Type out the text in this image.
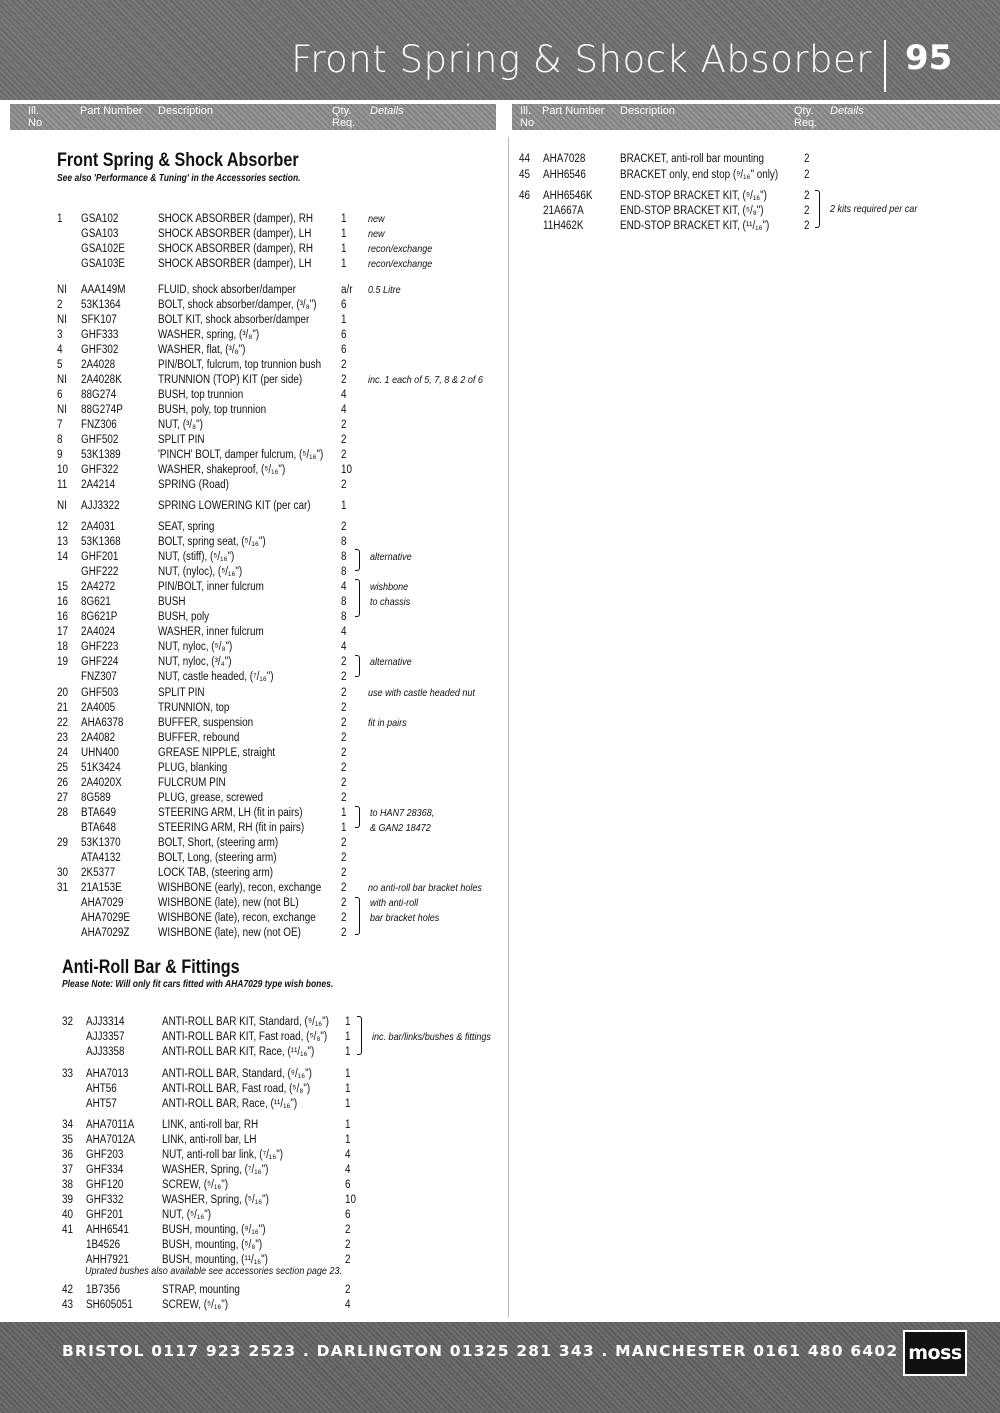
Front Spring & Shock Absorber 95
Ill.
No
Part Number Description	Qty.
Req.
Details	Ill.
No
Part Number Description	Qty.
Req.
Details
Front Spring & Shock Absorber
See also 'Performance & Tuning' in the Accessories section.
Anti-Roll Bar & Fittings
Please Note: Will only fit cars fitted with AHA7029 type wish bones.
1 GSA102	SHOCK ABSORBER (damper), RH 1 new
GSA103	SHOCK ABSORBER (damper), LH	1 new
GSA102E	SHOCK ABSORBER (damper), RH 1 recon/exchange
GSA103E	SHOCK ABSORBER (damper), LH	1 recon/exchange
NI AAA149M	FLUID, shock absorber/damper	a/r 0.5 Litre
2 53K1364	BOLT, shock absorber/damper, (³/₈") 6
NI SFK107	BOLT KIT, shock absorber/damper	1
3 GHF333	WASHER, spring, (³/₈")	6
4 GHF302	WASHER, flat, (³/₈")	6
5 2A4028	PIN/BOLT, fulcrum, top trunnion bush 2
NI 2A4028K	TRUNNION (TOP) KIT (per side)	2 inc. 1 each of 5, 7, 8 & 2 of 6
6 88G274	BUSH, top trunnion	4
NI 88G274P	BUSH, poly, top trunnion	4
7 FNZ306	NUT, (³/₈")	2
8 GHF502	SPLIT PIN	2
9 53K1389	'PINCH' BOLT, damper fulcrum, (⁵/₁₆") 2
10 GHF322	WASHER, shakeproof, (⁵/₁₆")	10
11 2A4214	SPRING (Road)	2
NI AJJ3322	SPRING LOWERING KIT (per car)	1
12 2A4031	SEAT, spring	2
13 53K1368	BOLT, spring seat, (⁵/₁₆")	8
14 GHF201	NUT, (stiff), (⁵/₁₆")	8 alternative
GHF222	NUT, (nyloc), (⁵/₁₆")	8
15 2A4272	PIN/BOLT, inner fulcrum	4 wishbone
16 8G621	BUSH	8 to chassis
16 8G621P	BUSH, poly	8
17 2A4024	WASHER, inner fulcrum	4
18 GHF223	NUT, nyloc, (⁵/₈")	4
19 GHF224	NUT, nyloc, (³/₄")	2 alternative
FNZ307	NUT, castle headed, (⁷/₁₆")	2
20 GHF503	SPLIT PIN	2 use with castle headed nut
21 2A4005	TRUNNION, top	2
22 AHA6378	BUFFER, suspension	2 fit in pairs
23 2A4082	BUFFER, rebound	2
24 UHN400	GREASE NIPPLE, straight	2
25 51K3424	PLUG, blanking	2
26 2A4020X	FULCRUM PIN	2
27 8G589	PLUG, grease, screwed	2
28 BTA649	STEERING ARM, LH (fit in pairs)	1 to HAN7 28368,
BTA648	STEERING ARM, RH (fit in pairs)	1 & GAN2 18472
29 53K1370	BOLT, Short, (steering arm)	2
ATA4132	BOLT, Long, (steering arm)	2
30 2K5377	LOCK TAB, (steering arm)	2
31 21A153E	WISHBONE (early), recon, exchange 2 no anti-roll bar bracket holes
AHA7029	WISHBONE (late), new (not BL)	2 with anti-roll
AHA7029E WISHBONE (late), recon, exchange 2 bar bracket holes
AHA7029Z WISHBONE (late), new (not OE)	2
32 AJJ3314	ANTI-ROLL BAR KIT, Standard, (⁹/₁₆") 1
AJJ3357	ANTI-ROLL BAR KIT, Fast road, (⁵/₈") 1 inc. bar/links/bushes & fittings
AJJ3358	ANTI-ROLL BAR KIT, Race, (¹¹/₁₆")	1
33 AHA7013	ANTI-ROLL BAR, Standard, (⁹/₁₆")	1
AHT56	ANTI-ROLL BAR, Fast road, (⁵/₈")	1
AHT57	ANTI-ROLL BAR, Race, (¹¹/₁₆")	1
34 AHA7011A LINK, anti-roll bar, RH	1
35 AHA7012A LINK, anti-roll bar, LH	1
36 GHF203	NUT, anti-roll bar link, (⁷/₁₆")	4
37 GHF334	WASHER, Spring, (⁷/₁₆")	4
38 GHF120	SCREW, (⁵/₁₆")	6
39 GHF332	WASHER, Spring, (⁵/₁₆")	10
40 GHF201	NUT, (⁵/₁₆")	6
41 AHH6541	BUSH, mounting, (⁹/₁₆")	2
1B4526	BUSH, mounting, (⁵/₈")	2
AHH7921	BUSH, mounting, (¹¹/₁₆")	2
42 1B7356	STRAP, mounting	2
43 SH605051	SCREW, (⁵/₁₆")	4
44 AHA7028	BRACKET, anti-roll bar mounting	2
45 AHH6546	BRACKET only, end stop (⁹/₁₆" only) 2
46 AHH6546K END-STOP BRACKET KIT, (⁹/₁₆")	2
21A667A	END-STOP BRACKET KIT, (⁵/₈")	2 2 kits required per car
11H462K	END-STOP BRACKET KIT, (¹¹/₁₆")	2
Uprated bushes also available see accessories section page 23.
BRISTOL 0117 923 2523 . DARLINGTON 01325 281 343 . MANCHESTER 0161 480 6402 moss
